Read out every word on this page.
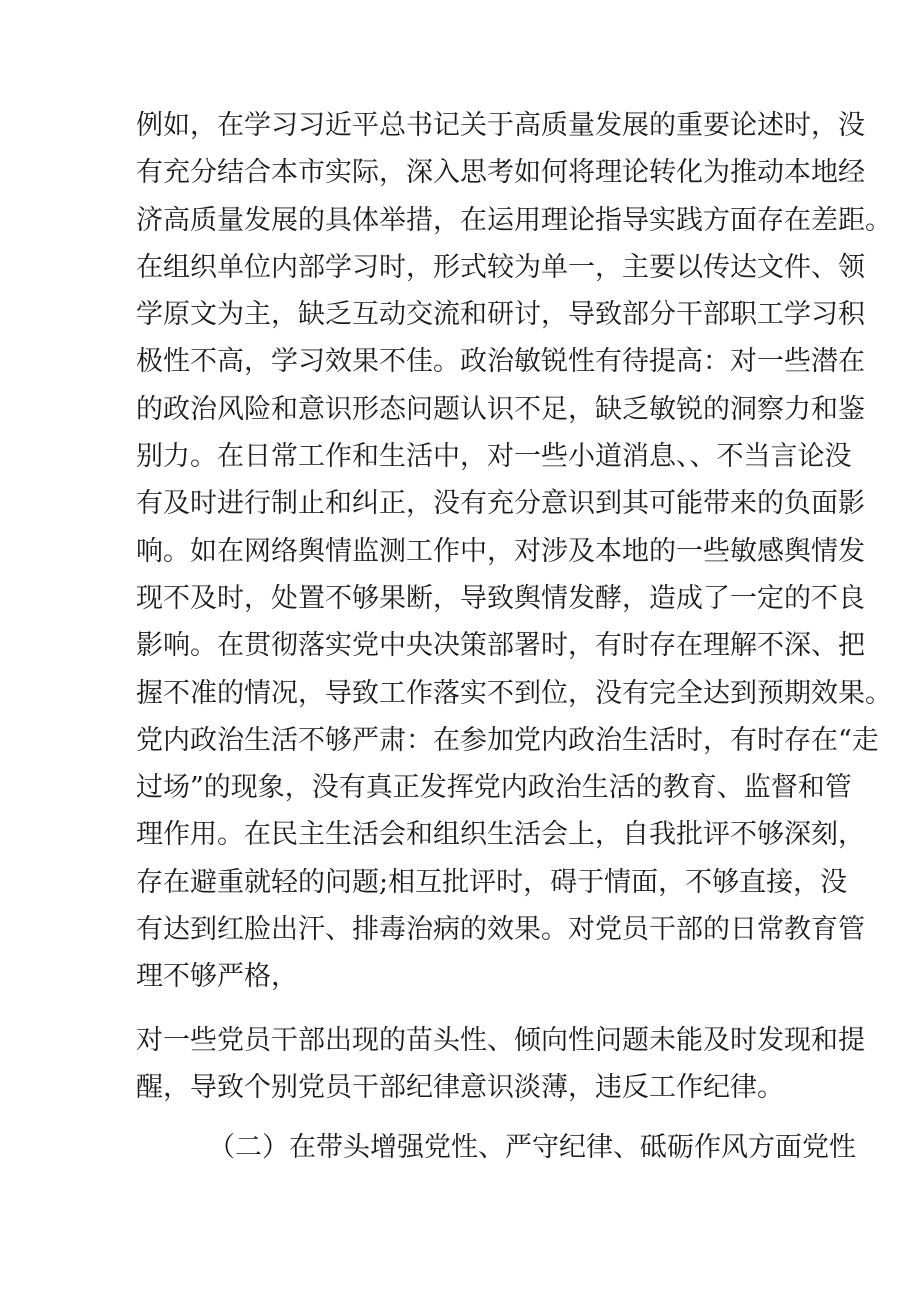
例如，在学习习近平总书记关于高质量发展的重要论述时，没
有充分结合本市实际，深入思考如何将理论转化为推动本地经
济高质量发展的具体举措，在运用理论指导实践方面存在差距。
在组织单位内部学习时，形式较为单一，主要以传达文件、领
学原文为主，缺乏互动交流和研讨，导致部分干部职工学习积
极性不高，学习效果不佳。政治敏锐性有待提高：对一些潜在
的政治风险和意识形态问题认识不足，缺乏敏锐的洞察力和鉴
别力。在日常工作和生活中，对一些小道消息、、不当言论没
有及时进行制止和纠正，没有充分意识到其可能带来的负面影
响。如在网络舆情监测工作中，对涉及本地的一些敏感舆情发
现不及时，处置不够果断，导致舆情发酵，造成了一定的不良
影响。在贯彻落实党中央决策部署时，有时存在理解不深、把
握不准的情况，导致工作落实不到位，没有完全达到预期效果。
党内政治生活不够严肃：在参加党内政治生活时，有时存在“走
过场”的现象，没有真正发挥党内政治生活的教育、监督和管
理作用。在民主生活会和组织生活会上，自我批评不够深刻，
存在避重就轻的问题;相互批评时，碍于情面，不够直接，没
有达到红脸出汗、排毒治病的效果。对党员干部的日常教育管
理不够严格，
对一些党员干部出现的苗头性、倾向性问题未能及时发现和提
醒，导致个别党员干部纪律意识淡薄，违反工作纪律。
（二）在带头增强党性、严守纪律、砥砺作风方面党性
